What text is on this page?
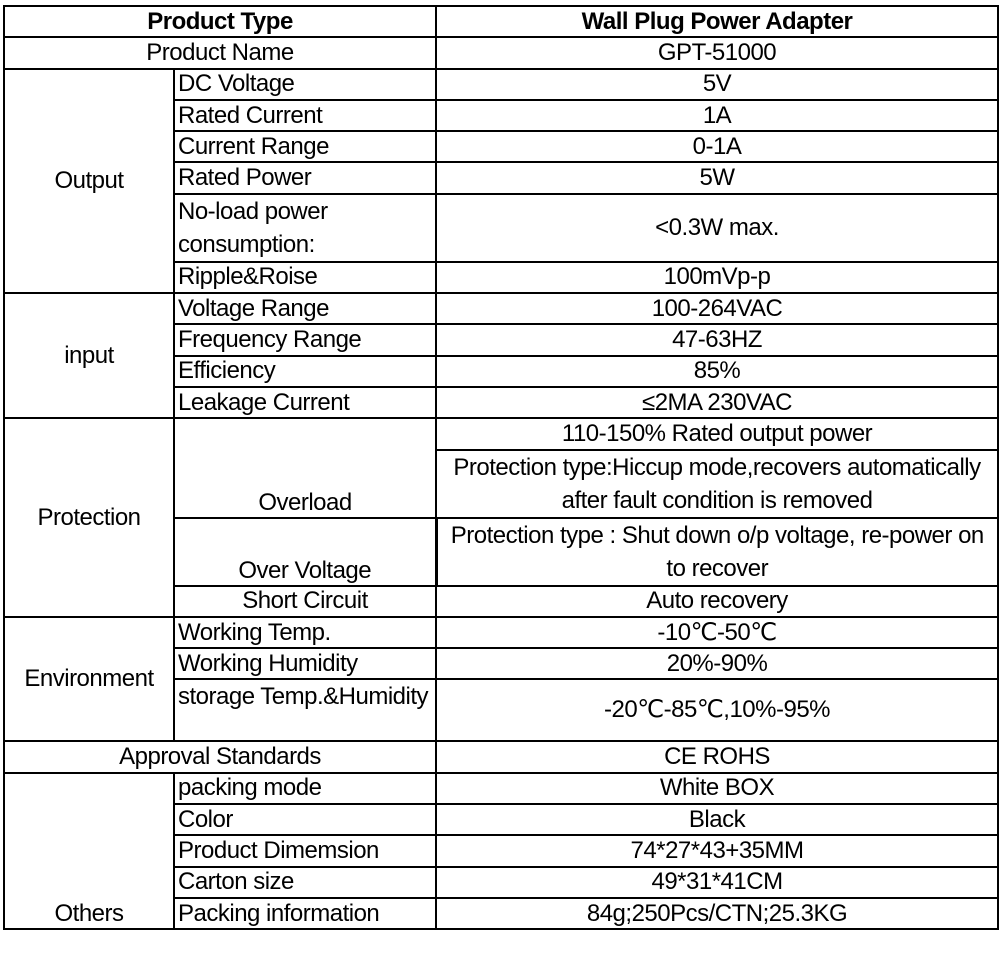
Product Type		Wall Plug Power Adapter
Product Name		GPT-51000
Output	DC Voltage	5V
	Rated Current	1A
	Current Range	0-1A
	Rated Power	5W
	No-load power consumption:	<0.3W max.

	Ripple&Roise	100mVp-p
input	Voltage Range	100-264VAC
	Frequency Range	47-63HZ
	Efficiency	85%
	Leakage Current	≤2MA 230VAC
Protection	Overload	110-150% Rated output power
		Protection type:Hiccup mode,recovers automatically after fault condition is removed

	Over Voltage	Protection type : Shut down o/p voltage, re-power on to recover

	Short Circuit	Auto recovery
Environment	Working Temp.	-10℃-50℃
	Working Humidity	20%-90%
	storage Temp.&Humidity	-20℃-85℃,10%-95%

Approval Standards		CE ROHS
Others	packing mode	White BOX
	Color	Black
	Product Dimemsion	74*27*43+35MM
	Carton size	49*31*41CM
	Packing information	84g;250Pcs/CTN;25.3KG
